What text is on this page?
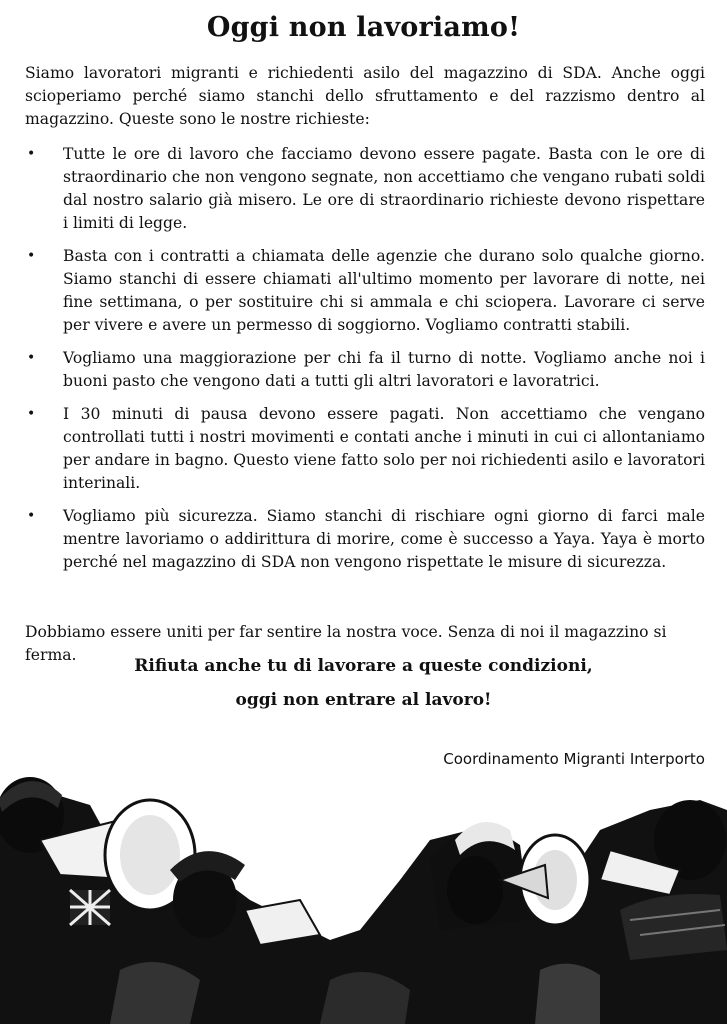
Oggi non lavoriamo!

Siamo lavoratori migranti e richiedenti asilo del magazzino di SDA. Anche oggi scioperiamo perché siamo stanchi dello sfruttamento e del razzismo dentro al magazzino. Queste sono le nostre richieste:

• Tutte le ore di lavoro che facciamo devono essere pagate. Basta con le ore di straordinario che non vengono segnate, non accettiamo che vengano rubati soldi dal nostro salario già misero. Le ore di straordinario richieste devono rispettare i limiti di legge.
• Basta con i contratti a chiamata delle agenzie che durano solo qualche giorno. Siamo stanchi di essere chiamati all'ultimo momento per lavorare di notte, nei fine settimana, o per sostituire chi si ammala e chi sciopera. Lavorare ci serve per vivere e avere un permesso di soggiorno. Vogliamo contratti stabili.
• Vogliamo una maggiorazione per chi fa il turno di notte. Vogliamo anche noi i buoni pasto che vengono dati a tutti gli altri lavoratori e lavoratrici.
• I 30 minuti di pausa devono essere pagati. Non accettiamo che vengano controllati tutti i nostri movimenti e contati anche i minuti in cui ci allontaniamo per andare in bagno. Questo viene fatto solo per noi richiedenti asilo e lavoratori interinali.
• Vogliamo più sicurezza. Siamo stanchi di rischiare ogni giorno di farci male mentre lavoriamo o addirittura di morire, come è successo a Yaya. Yaya è morto perché nel magazzino di SDA non vengono rispettate le misure di sicurezza.

Dobbiamo essere uniti per far sentire la nostra voce. Senza di noi il magazzino si ferma.

Rifiuta anche tu di lavorare a queste condizioni,
oggi non entrare al lavoro!
Coordinamento Migranti Interporto
